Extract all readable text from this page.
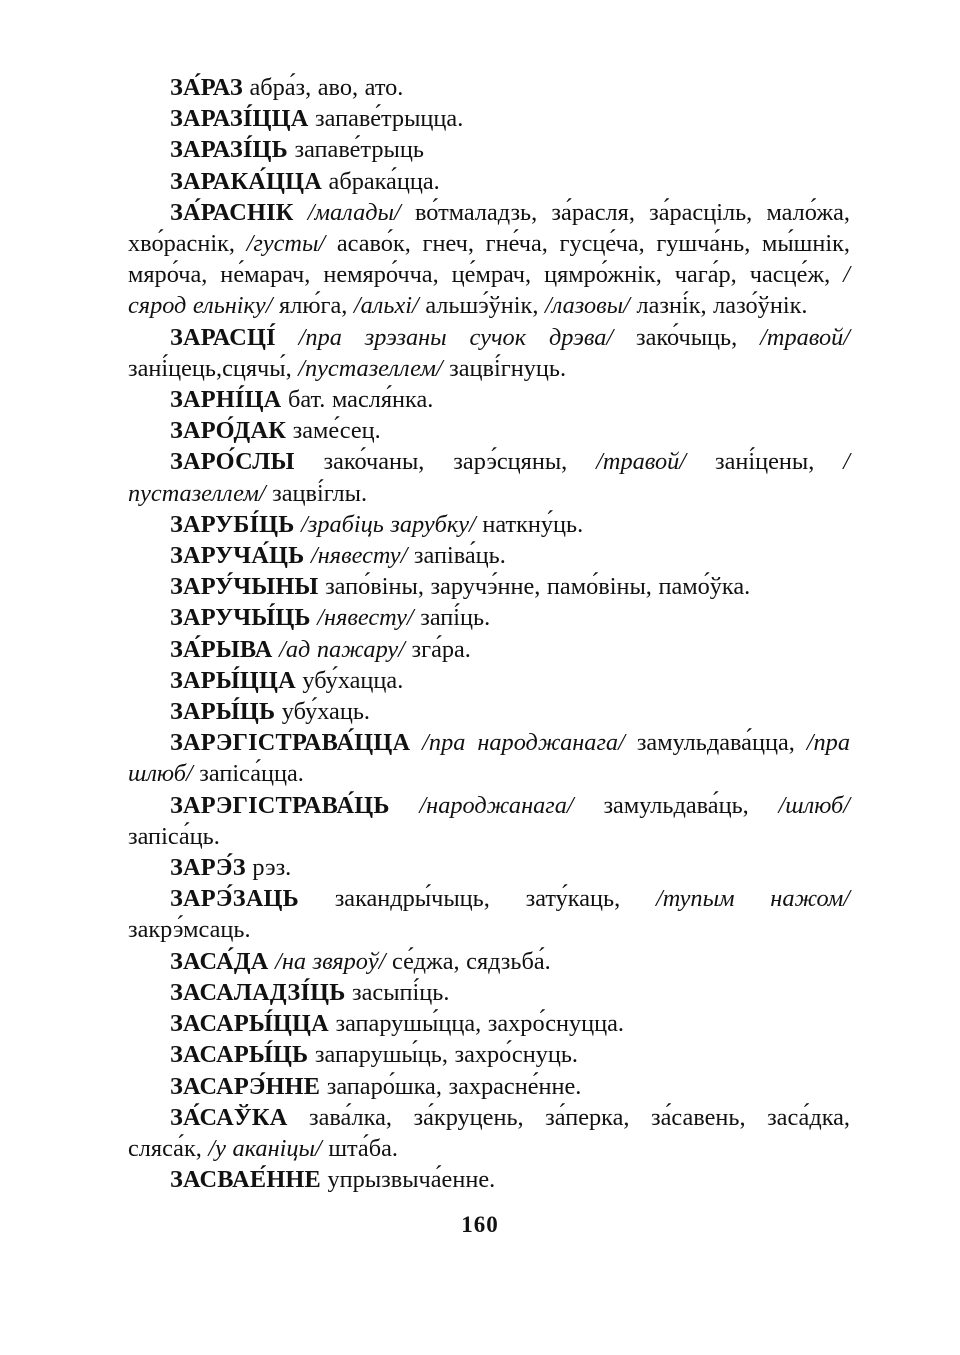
ЗА́РАЗ абра́з, аво, ато.

ЗАРАЗІ́ЦЦА запаве́трыцца.

ЗАРАЗІ́ЦЬ запаве́трыць

ЗАРАКА́ЦЦА абрака́цца.

ЗА́РАСНІК /малады/ во́тмаладзь, за́расля, за́расціль, мало́жа, хво́раснік, /густы/ асаво́к, гнеч, гне́ча, гусце́ча, гушча́нь, мы́шнік, мяро́ча, не́марач, немяро́чча, це́мрач, цямро́жнік, чага́р, часце́ж, /сярод ельніку/ ялю́га, /альхі/ альшэ́ўнік, /лазовы/ лазні́к, лазо́ўнік.

ЗАРАСЦІ́ /пра зрэзаны сучок дрэва/ зако́чыць, /травой/ зані́цець,сцячы́, /пустазеллем/ зацві́гнуць.

ЗАРНІ́ЦА бат. масля́нка.

ЗАРО́ДАК заме́сец.

ЗАРО́СЛЫ зако́чаны, зарэ́сцяны, /травой/ зані́цены, /пустазеллем/ зацві́глы.

ЗАРУБІ́ЦЬ /зрабіць зарубку/ наткну́ць.

ЗАРУЧА́ЦЬ /нявесту/ запіва́ць.

ЗАРУ́ЧЫНЫ запо́віны, заручэ́нне, памо́віны, памо́ўка.

ЗАРУЧЫ́ЦЬ /нявесту/ запі́ць.

ЗА́РЫВА /ад пажару/ зга́ра.

ЗАРЫ́ЦЦА убу́хацца.

ЗАРЫ́ЦЬ убу́хаць.

ЗАРЭГІСТРАВА́ЦЦА /пра народжанага/ замульдава́цца, /пра шлюб/ запіса́цца.

ЗАРЭГІСТРАВА́ЦЬ /народжанага/ замульдава́ць, /шлюб/ запіса́ць.

ЗАРЭ́З рэз.

ЗАРЭ́ЗАЦЬ закандры́чыць, зату́каць, /тупым нажом/ закрэ́мсаць.

ЗАСА́ДА /на звяроў/ се́джа, сядзьба́.

ЗАСАЛАДЗІ́ЦЬ засыпі́ць.

ЗАСАРЫ́ЦЦА запарушы́цца, захро́снуцца.

ЗАСАРЫ́ЦЬ запарушы́ць, захро́снуць.

ЗАСАРЭ́ННЕ запаро́шка, захрасне́нне.

ЗА́САЎКА зава́лка, за́круцень, за́перка, за́савень, заса́дка, сляса́к, /у аканіцы/ шта́ба.

ЗАСВАЕ́ННЕ упрызвыча́енне.

160
